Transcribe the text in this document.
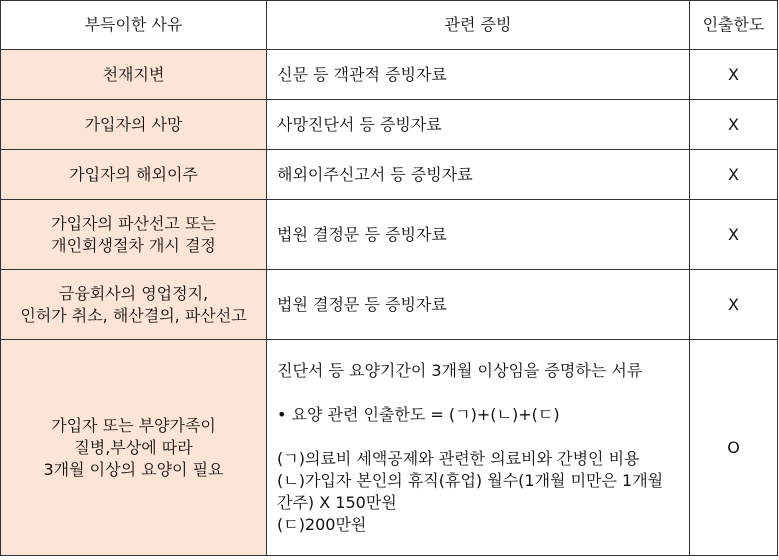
부득이한 사유	관련 증빙	인출한도

천재지변	신문 등 객관적 증빙자료	X

가입자의 사망	사망진단서 등 증빙자료	X

가입자의 해외이주	해외이주신고서 등 증빙자료	X

가입자의 파산선고 또는
개인회생절차 개시 결정	법원 결정문 등 증빙자료	X

금융회사의 영업정지,
인허가 취소, 해산결의, 파산선고	법원 결정문 등 증빙자료	X

가입자 또는 부양가족이
질병,부상에 따라
3개월 이상의 요양이 필요	진단서 등 요양기간이 3개월 이상임을 증명하는 서류
• 요양 관련 인출한도 = (ㄱ)+(ㄴ)+(ㄷ)
(ㄱ)의료비 세액공제와 관련한 의료비와 간병인 비용
(ㄴ)가입자 본인의 휴직(휴업) 월수(1개월 미만은 1개월 간주) X 150만원
(ㄷ)200만원	O
